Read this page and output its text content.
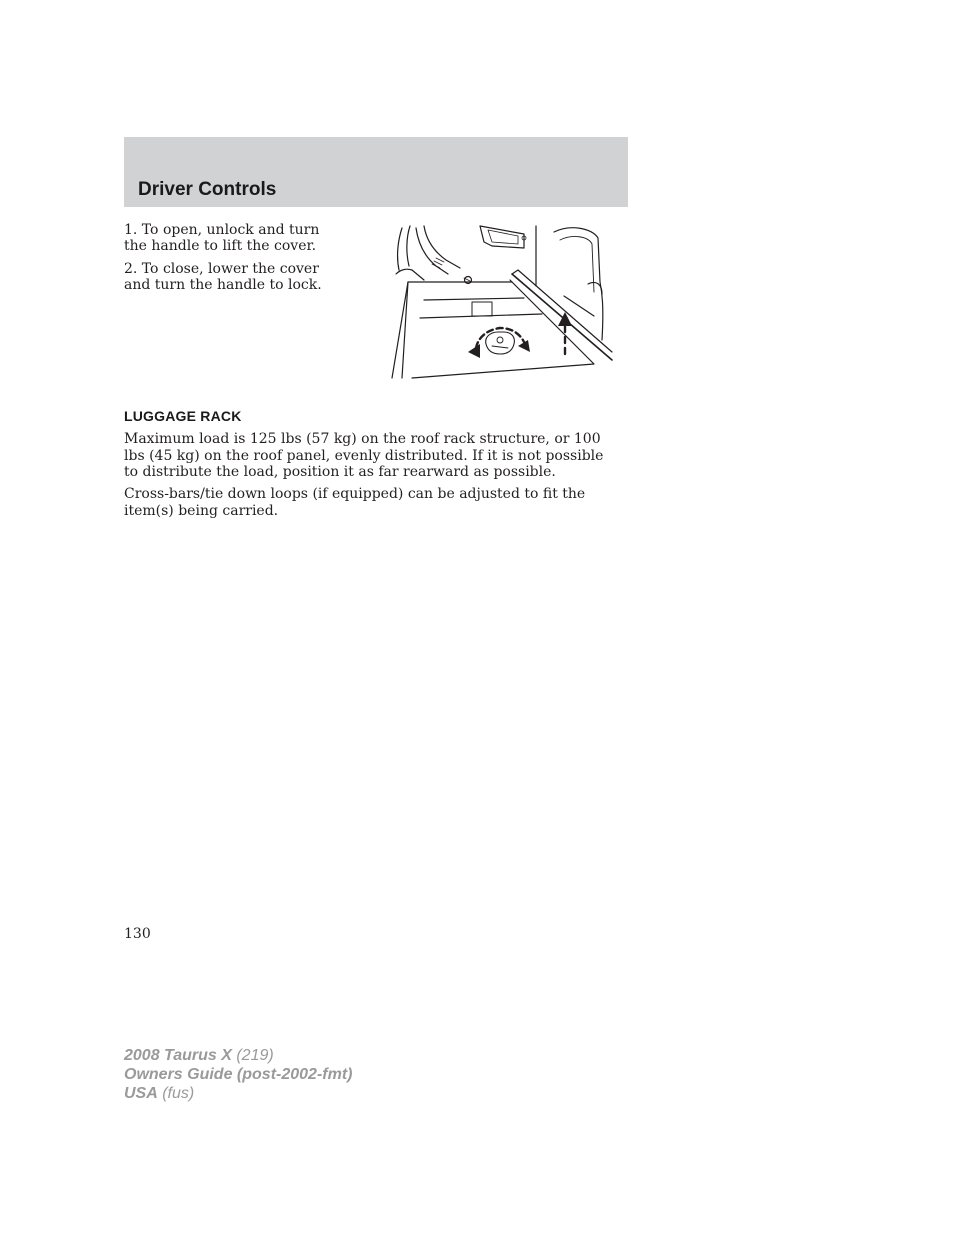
Driver Controls

1. To open, unlock and turn the handle to lift the cover.

2. To close, lower the cover and turn the handle to lock.

LUGGAGE RACK

Maximum load is 125 lbs (57 kg) on the roof rack structure, or 100 lbs (45 kg) on the roof panel, evenly distributed. If it is not possible to distribute the load, position it as far rearward as possible.

Cross-bars/tie down loops (if equipped) can be adjusted to fit the item(s) being carried.

130

2008 Taurus X (219)
Owners Guide (post-2002-fmt)
USA (fus)
